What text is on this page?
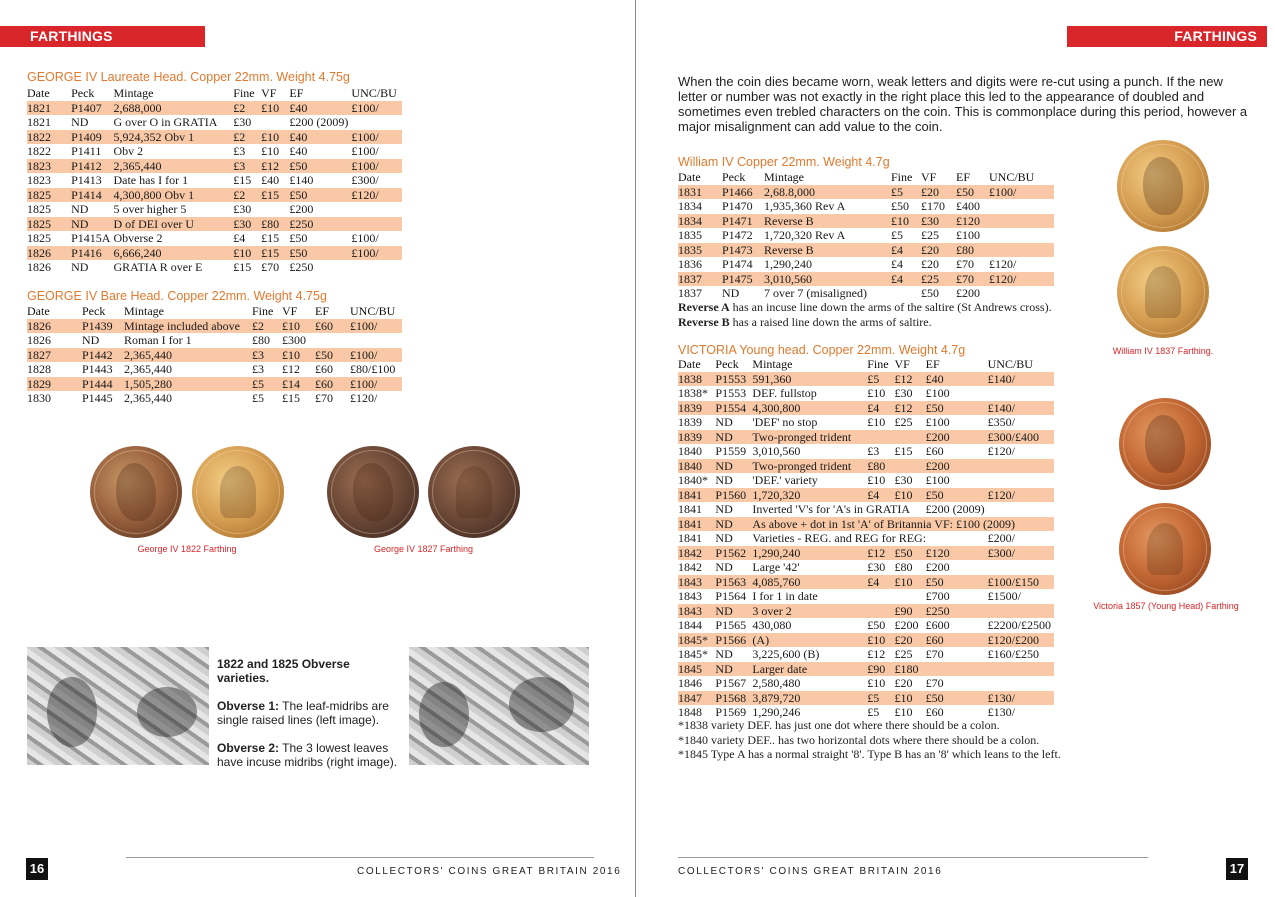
FARTHINGS
GEORGE IV Laureate Head. Copper 22mm. Weight 4.75g
Date	Peck	Mintage	Fine	VF	EF	UNC/BU
1821	P1407	2,688,000	£2	£10	£40	£100/
1821	ND	G over O in GRATIA	£30		£200 (2009)	
1822	P1409	5,924,352 Obv 1	£2	£10	£40	£100/
1822	P1411	Obv 2	£3	£10	£40	£100/
1823	P1412	2,365,440	£3	£12	£50	£100/
1823	P1413	Date has I for 1	£15	£40	£140	£300/
1825	P1414	4,300,800 Obv 1	£2	£15	£50	£120/
1825	ND	5 over higher 5	£30		£200	
1825	ND	D of DEI over U	£30	£80	£250	
1825	P1415A	Obverse 2	£4	£15	£50	£100/
1826	P1416	6,666,240	£10	£15	£50	£100/
1826	ND	GRATIA R over E	£15	£70	£250	
GEORGE IV Bare Head. Copper 22mm. Weight 4.75g
Date	Peck	Mintage	Fine	VF	EF	UNC/BU
1826	P1439	Mintage included above	£2	£10	£60	£100/
1826	ND	Roman I for 1	£80	£300		
1827	P1442	2,365,440	£3	£10	£50	£100/
1828	P1443	2,365,440	£3	£12	£60	£80/£100
1829	P1444	1,505,280	£5	£14	£60	£100/
1830	P1445	2,365,440	£5	£15	£70	£120/
George IV 1822 Farthing	George IV 1827 Farthing
1822 and 1825 Obverse varieties.
Obverse 1: The leaf-midribs are single raised lines (left image).
Obverse 2: The 3 lowest leaves have incuse midribs (right image).
16	COLLECTORS' COINS GREAT BRITAIN 2016
FARTHINGS
When the coin dies became worn, weak letters and digits were re-cut using a punch. If the new letter or number was not exactly in the right place this led to the appearance of doubled and sometimes even trebled characters on the coin. This is commonplace during this period, however a major misalignment can add value to the coin.
William IV Copper 22mm. Weight 4.7g
Date	Peck	Mintage	Fine	VF	EF	UNC/BU
1831	P1466	2,68.8,000	£5	£20	£50	£100/
1834	P1470	1,935,360 Rev A	£50	£170	£400	
1834	P1471	Reverse B	£10	£30	£120	
1835	P1472	1,720,320 Rev A	£5	£25	£100	
1835	P1473	Reverse B	£4	£20	£80	
1836	P1474	1,290,240	£4	£20	£70	£120/
1837	P1475	3,010,560	£4	£25	£70	£120/
1837	ND	7 over 7 (misaligned)		£50	£200	
Reverse A has an incuse line down the arms of the saltire (St Andrews cross).
Reverse B has a raised line down the arms of saltire.
VICTORIA Young head. Copper 22mm. Weight 4.7g
Date	Peck	Mintage	Fine	VF	EF	UNC/BU
1838	P1553	591,360	£5	£12	£40	£140/
1838*	P1553	DEF. fullstop	£10	£30	£100	
1839	P1554	4,300,800	£4	£12	£50	£140/
1839	ND	'DEF' no stop	£10	£25	£100	£350/
1839	ND	Two-pronged trident			£200	£300/£400
1840	P1559	3,010,560	£3	£15	£60	£120/
1840	ND	Two-pronged trident	£80		£200	
1840*	ND	'DEF.' variety	£10	£30	£100	
1841	P1560	1,720,320	£4	£10	£50	£120/
1841	ND	Inverted 'V's for 'A's in GRATIA			£200 (2009)	
1841	ND	As above + dot in 1st 'A' of Britannia VF: £100 (2009)				
1841	ND	Varieties - REG. and REG for REG:				£200/
1842	P1562	1,290,240	£12	£50	£120	£300/
1842	ND	Large '42'	£30	£80	£200	
1843	P1563	4,085,760	£4	£10	£50	£100/£150
1843	P1564	I for 1 in date			£700	£1500/
1843	ND	3 over 2		£90	£250	
1844	P1565	430,080	£50	£200	£600	£2200/£2500
1845*	P1566	(A)	£10	£20	£60	£120/£200
1845*	ND	3,225,600 (B)	£12	£25	£70	£160/£250
1845	ND	Larger date	£90	£180		
1846	P1567	2,580,480	£10	£20	£70	
1847	P1568	3,879,720	£5	£10	£50	£130/
1848	P1569	1,290,246	£5	£10	£60	£130/
*1838 variety DEF. has just one dot where there should be a colon.
*1840 variety DEF.. has two horizontal dots where there should be a colon.
*1845 Type A has a normal straight '8'. Type B has an '8' which leans to the left.
William IV 1837 Farthing.
Victoria 1857 (Young Head) Farthing
17
COLLECTORS' COINS GREAT BRITAIN 2016
